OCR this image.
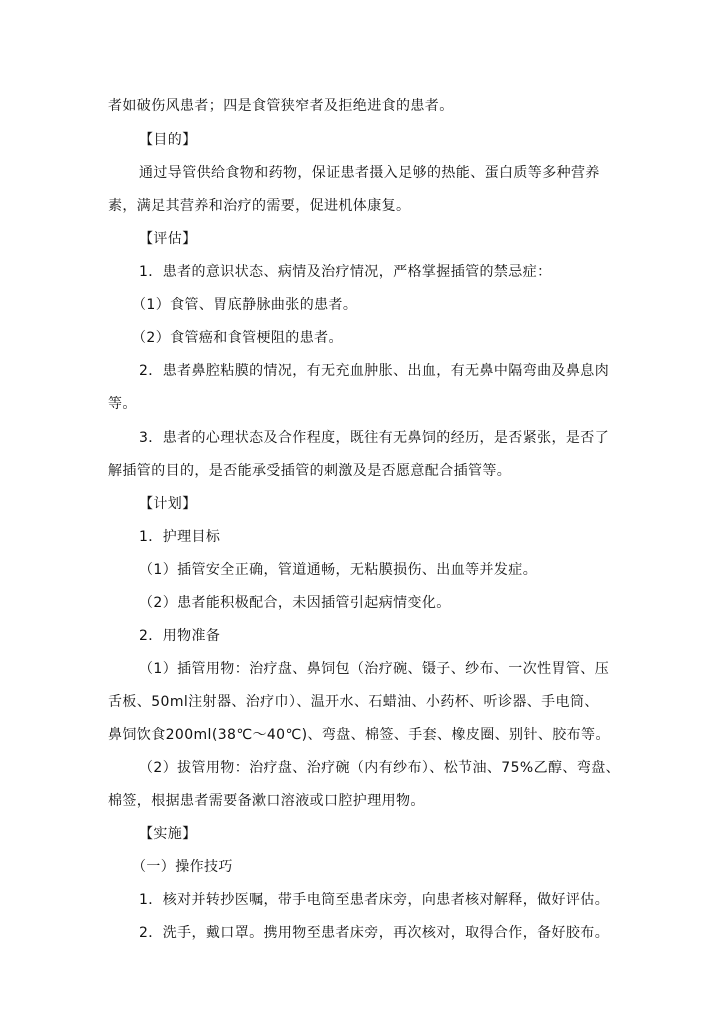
者如破伤风患者；四是食管狭窄者及拒绝进食的患者。
【目的】
通过导管供给食物和药物，保证患者摄入足够的热能、蛋白质等多种营养
素，满足其营养和治疗的需要，促进机体康复。
【评估】
1．患者的意识状态、病情及治疗情况，严格掌握插管的禁忌症：
（1）食管、胃底静脉曲张的患者。
（2）食管癌和食管梗阻的患者。
2．患者鼻腔粘膜的情况，有无充血肿胀、出血，有无鼻中隔弯曲及鼻息肉
等。
3．患者的心理状态及合作程度，既往有无鼻饲的经历，是否紧张，是否了
解插管的目的，是否能承受插管的刺激及是否愿意配合插管等。
【计划】
1．护理目标
（1）插管安全正确，管道通畅，无粘膜损伤、出血等并发症。
（2）患者能积极配合，未因插管引起病情变化。
2．用物准备
（1）插管用物：治疗盘、鼻饲包（治疗碗、镊子、纱布、一次性胃管、压
舌板、50ml注射器、治疗巾）、温开水、石蜡油、小药杯、听诊器、手电筒、
鼻饲饮食200ml(38℃～40℃)、弯盘、棉签、手套、橡皮圈、别针、胶布等。
（2）拔管用物：治疗盘、治疗碗（内有纱布）、松节油、75%乙醇、弯盘、
棉签，根据患者需要备漱口溶液或口腔护理用物。
【实施】
（一）操作技巧
1．核对并转抄医嘱，带手电筒至患者床旁，向患者核对解释，做好评估。
2．洗手，戴口罩。携用物至患者床旁，再次核对，取得合作，备好胶布。
